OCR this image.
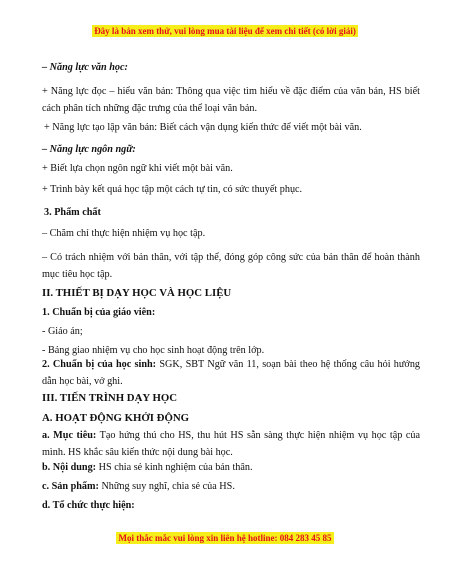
Đây là bản xem thử, vui lòng mua tài liệu để xem chi tiết (có lời giải)
– Năng lực văn học:
+ Năng lực đọc – hiểu văn bản: Thông qua việc tìm hiểu về đặc điểm của văn bản, HS biết cách phân tích những đặc trưng của thể loại văn bản.
+ Năng lực tạo lập văn bản: Biết cách vận dụng kiến thức để viết một bài văn.
– Năng lực ngôn ngữ:
+ Biết lựa chọn ngôn ngữ khi viết một bài văn.
+ Trình bày kết quả học tập một cách tự tin, có sức thuyết phục.
3. Phẩm chất
– Chăm chỉ thực hiện nhiệm vụ học tập.
– Có trách nhiệm với bản thân, với tập thể, đóng góp công sức của bản thân để hoàn thành mục tiêu học tập.
II. THIẾT BỊ DẠY HỌC VÀ HỌC LIỆU
1. Chuẩn bị của giáo viên:
- Giáo án;
- Bảng giao nhiệm vụ cho học sinh hoạt động trên lớp.
2. Chuẩn bị của học sinh: SGK, SBT Ngữ văn 11, soạn bài theo hệ thống câu hỏi hướng dẫn học bài, vở ghi.
III. TIẾN TRÌNH DẠY HỌC
A. HOẠT ĐỘNG KHỞI ĐỘNG
a. Mục tiêu: Tạo hứng thú cho HS, thu hút HS sẵn sàng thực hiện nhiệm vụ học tập của mình. HS khắc sâu kiến thức nội dung bài học.
b. Nội dung: HS chia sẻ kinh nghiệm của bản thân.
c. Sản phẩm: Những suy nghĩ, chia sẻ của HS.
d. Tổ chức thực hiện:
Mọi thắc mắc vui lòng xin liên hệ hotline: 084 283 45 85
